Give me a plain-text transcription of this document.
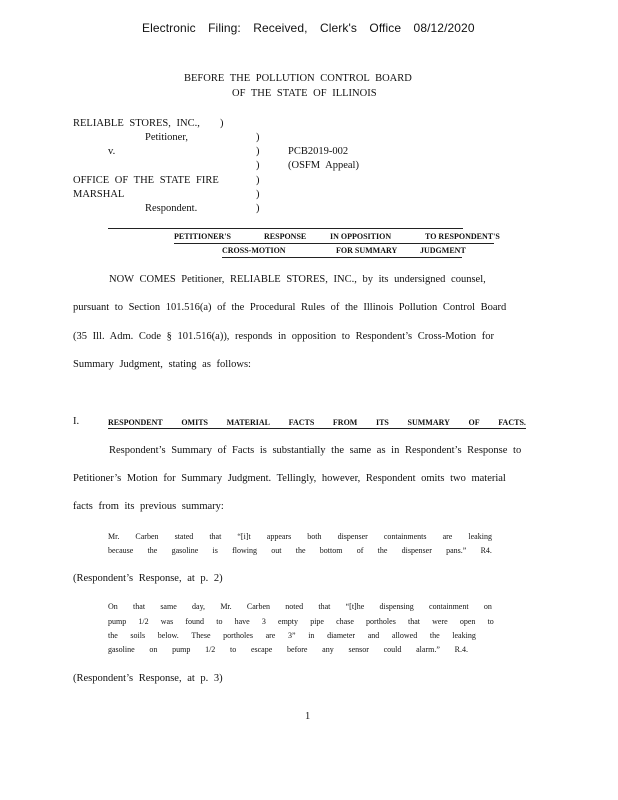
Electronic Filing: Received, Clerk's Office 08/12/2020
BEFORE THE POLLUTION CONTROL BOARD
OF THE STATE OF ILLINOIS
RELIABLE STORES, INC., )
Petitioner,	)
v.	)	PCB2019-002
)	(OSFM Appeal)
OFFICE OF THE STATE FIRE	)
MARSHAL	)
Respondent.	)
PETITIONER'S	RESPONSE	IN OPPOSITION	TO RESPONDENT'S
CROSS-MOTION	FOR SUMMARY	JUDGMENT
NOW COMES Petitioner, RELIABLE STORES, INC., by its undersigned counsel,
pursuant to Section 101.516(a) of the Procedural Rules of the Illinois Pollution Control Board
(35 Ill. Adm. Code § 101.516(a)), responds in opposition to Respondent’s Cross-Motion for
Summary Judgment, stating as follows:
I.	RESPONDENT OMITS MATERIAL FACTS FROM ITS SUMMARY OF FACTS.
Respondent’s Summary of Facts is substantially the same as in Respondent’s Response to
Petitioner’s Motion for Summary Judgment. Tellingly, however, Respondent omits two material
facts from its previous summary:
Mr. Carben stated that “[i]t appears both dispenser containments are leaking
because the gasoline is flowing out the bottom of the dispenser pans.” R4.
(Respondent’s Response, at p. 2)
On that same day, Mr. Carben noted that “[t]he dispensing containment on
pump 1/2 was found to have 3 empty pipe chase portholes that were open to
the soils below. These portholes are 3” in diameter and allowed the leaking
gasoline on pump 1/2 to escape before any sensor could alarm.” R.4.
(Respondent’s Response, at p. 3)
1
